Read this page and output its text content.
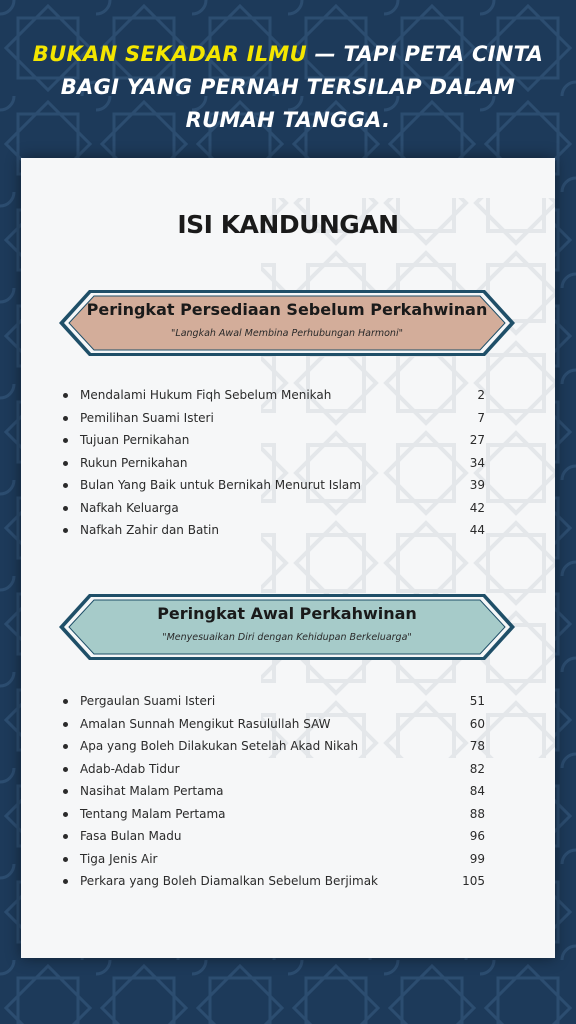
BUKAN SEKADAR ILMU — TAPI PETA CINTA
BAGI YANG PERNAH TERSILAP DALAM
RUMAH TANGGA.
ISI KANDUNGAN
Peringkat Persediaan Sebelum Perkahwinan
"Langkah Awal Membina Perhubungan Harmoni"
Mendalami Hukum Fiqh Sebelum Menikah	2
Pemilihan Suami Isteri	7
Tujuan Pernikahan	27
Rukun Pernikahan	34
Bulan Yang Baik untuk Bernikah Menurut Islam	39
Nafkah Keluarga	42
Nafkah Zahir dan Batin	44
Peringkat Awal Perkahwinan
"Menyesuaikan Diri dengan Kehidupan Berkeluarga"
Pergaulan Suami Isteri	51
Amalan Sunnah Mengikut Rasulullah SAW	60
Apa yang Boleh Dilakukan Setelah Akad Nikah	78
Adab-Adab Tidur	82
Nasihat Malam Pertama	84
Tentang Malam Pertama	88
Fasa Bulan Madu	96
Tiga Jenis Air	99
Perkara yang Boleh Diamalkan Sebelum Berjimak	105
